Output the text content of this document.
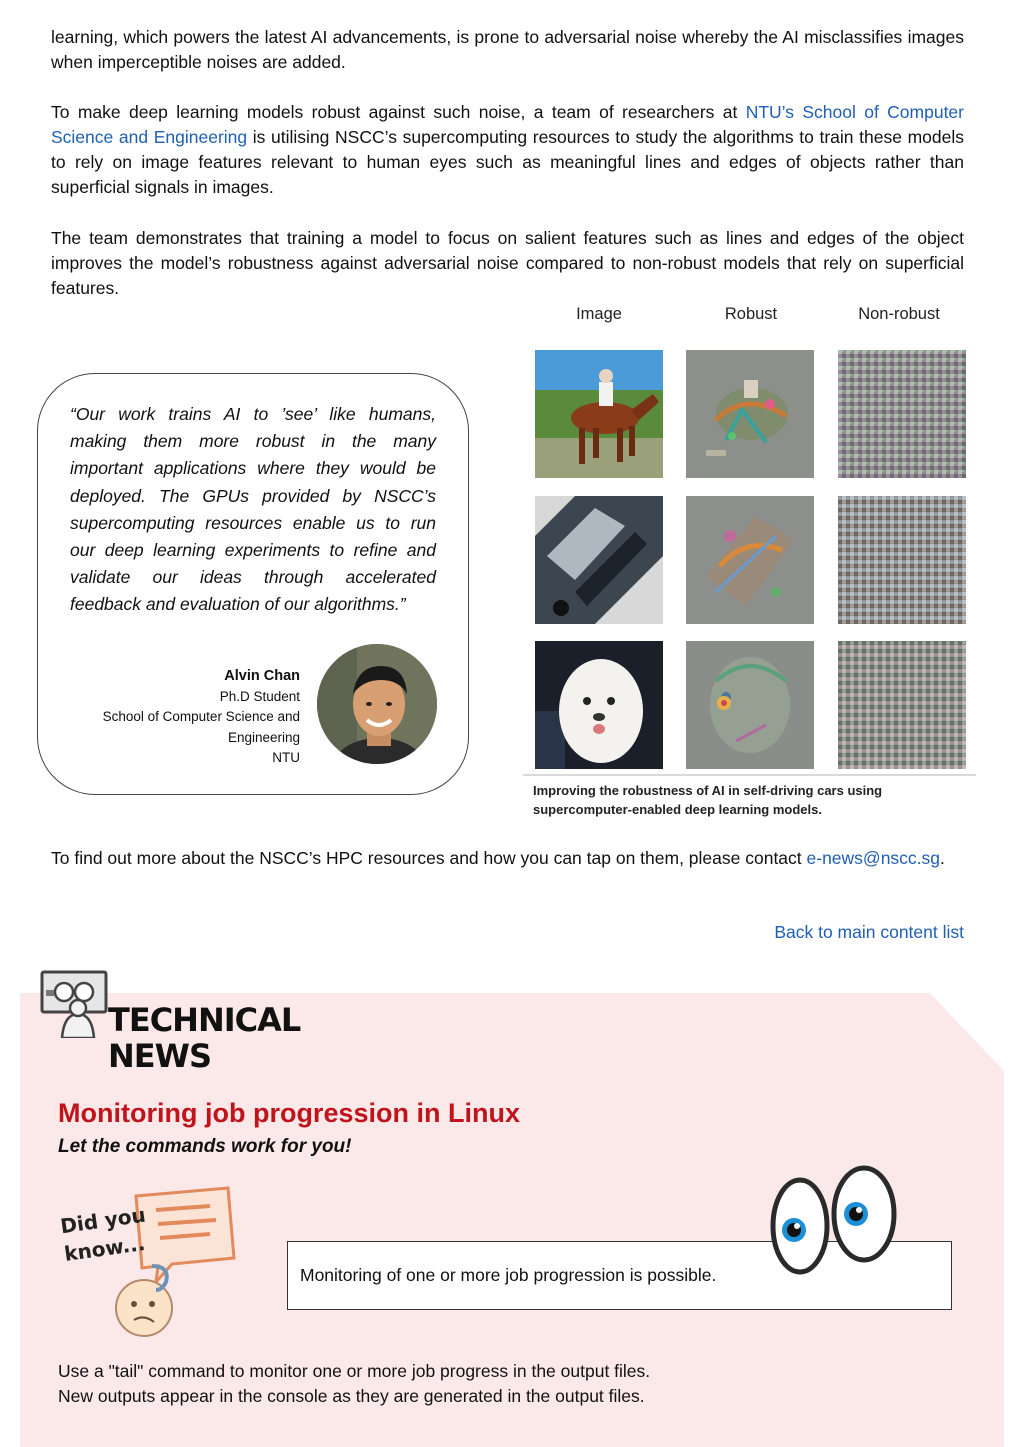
learning, which powers the latest AI advancements, is prone to adversarial noise whereby the AI misclassifies images when imperceptible noises are added.

To make deep learning models robust against such noise, a team of researchers at NTU’s School of Computer Science and Engineering is utilising NSCC’s supercomputing resources to study the algorithms to train these models to rely on image features relevant to human eyes such as meaningful lines and edges of objects rather than superficial signals in images.

The team demonstrates that training a model to focus on salient features such as lines and edges of the object improves the model’s robustness against adversarial noise compared to non-robust models that rely on superficial features.

Image	Robust	Non-robust
Improving the robustness of AI in self-driving cars using
supercomputer-enabled deep learning models.

“Our work trains AI to ’see’ like humans, making them more robust in the many important applications where they would be deployed. The GPUs provided by NSCC’s supercomputing resources enable us to run our deep learning experiments to refine and validate our ideas through accelerated feedback and evaluation of our algorithms.”

Alvin Chan
Ph.D Student
School of Computer Science and
Engineering
NTU

To find out more about the NSCC’s HPC resources and how you can tap on them, please contact e-news@nscc.sg.

Back to main content list
TECHNICAL
NEWS
Monitoring job progression in Linux

Let the commands work for you!

Did you know...

Monitoring of one or more job progression is possible.

Use a "tail" command to monitor one or more job progress in the output files.

New outputs appear in the console as they are generated in the output files.
